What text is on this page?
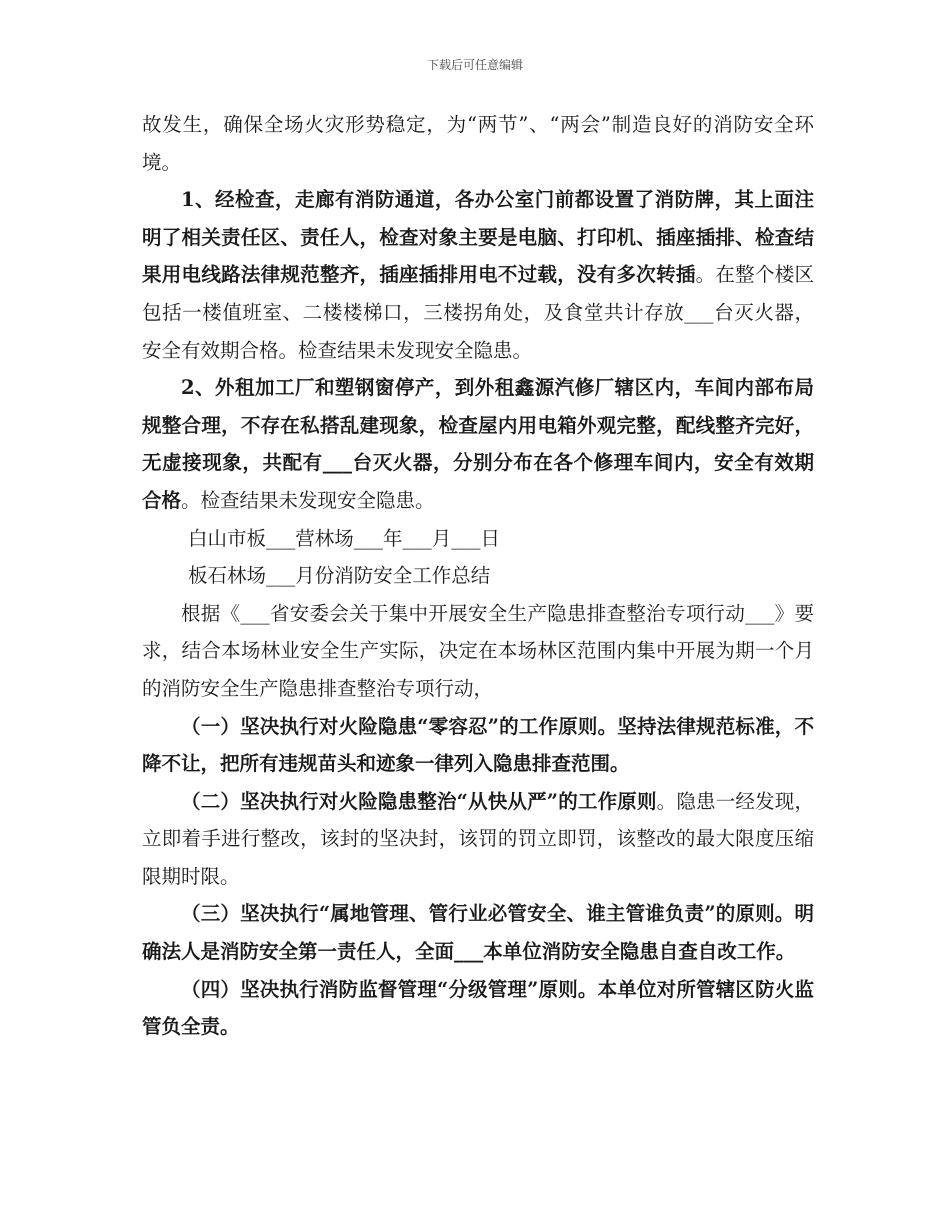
下载后可任意编辑

故发生，确保全场火灾形势稳定，为“两节”、“两会”制造良好的消防安全环境。

1、经检查，走廊有消防通道，各办公室门前都设置了消防牌，其上面注明了相关责任区、责任人，检查对象主要是电脑、打印机、插座插排、检查结果用电线路法律规范整齐，插座插排用电不过载，没有多次转插。在整个楼区包括一楼值班室、二楼楼梯口，三楼拐角处，及食堂共计存放___台灭火器，安全有效期合格。检查结果未发现安全隐患。

2、外租加工厂和塑钢窗停产，到外租鑫源汽修厂辖区内，车间内部布局规整合理，不存在私搭乱建现象，检查屋内用电箱外观完整，配线整齐完好，无虚接现象，共配有___台灭火器，分别分布在各个修理车间内，安全有效期合格。检查结果未发现安全隐患。

白山市板___营林场___年___月___日

板石林场___月份消防安全工作总结

根据《___省安委会关于集中开展安全生产隐患排查整治专项行动___》要求，结合本场林业安全生产实际，决定在本场林区范围内集中开展为期一个月的消防安全生产隐患排查整治专项行动，

（一）坚决执行对火险隐患“零容忍”的工作原则。坚持法律规范标准，不降不让，把所有违规苗头和迹象一律列入隐患排查范围。

（二）坚决执行对火险隐患整治“从快从严”的工作原则。隐患一经发现，立即着手进行整改，该封的坚决封，该罚的罚立即罚，该整改的最大限度压缩限期时限。

（三）坚决执行“属地管理、管行业必管安全、谁主管谁负责”的原则。明确法人是消防安全第一责任人，全面___本单位消防安全隐患自查自改工作。

（四）坚决执行消防监督管理“分级管理”原则。本单位对所管辖区防火监管负全责。
